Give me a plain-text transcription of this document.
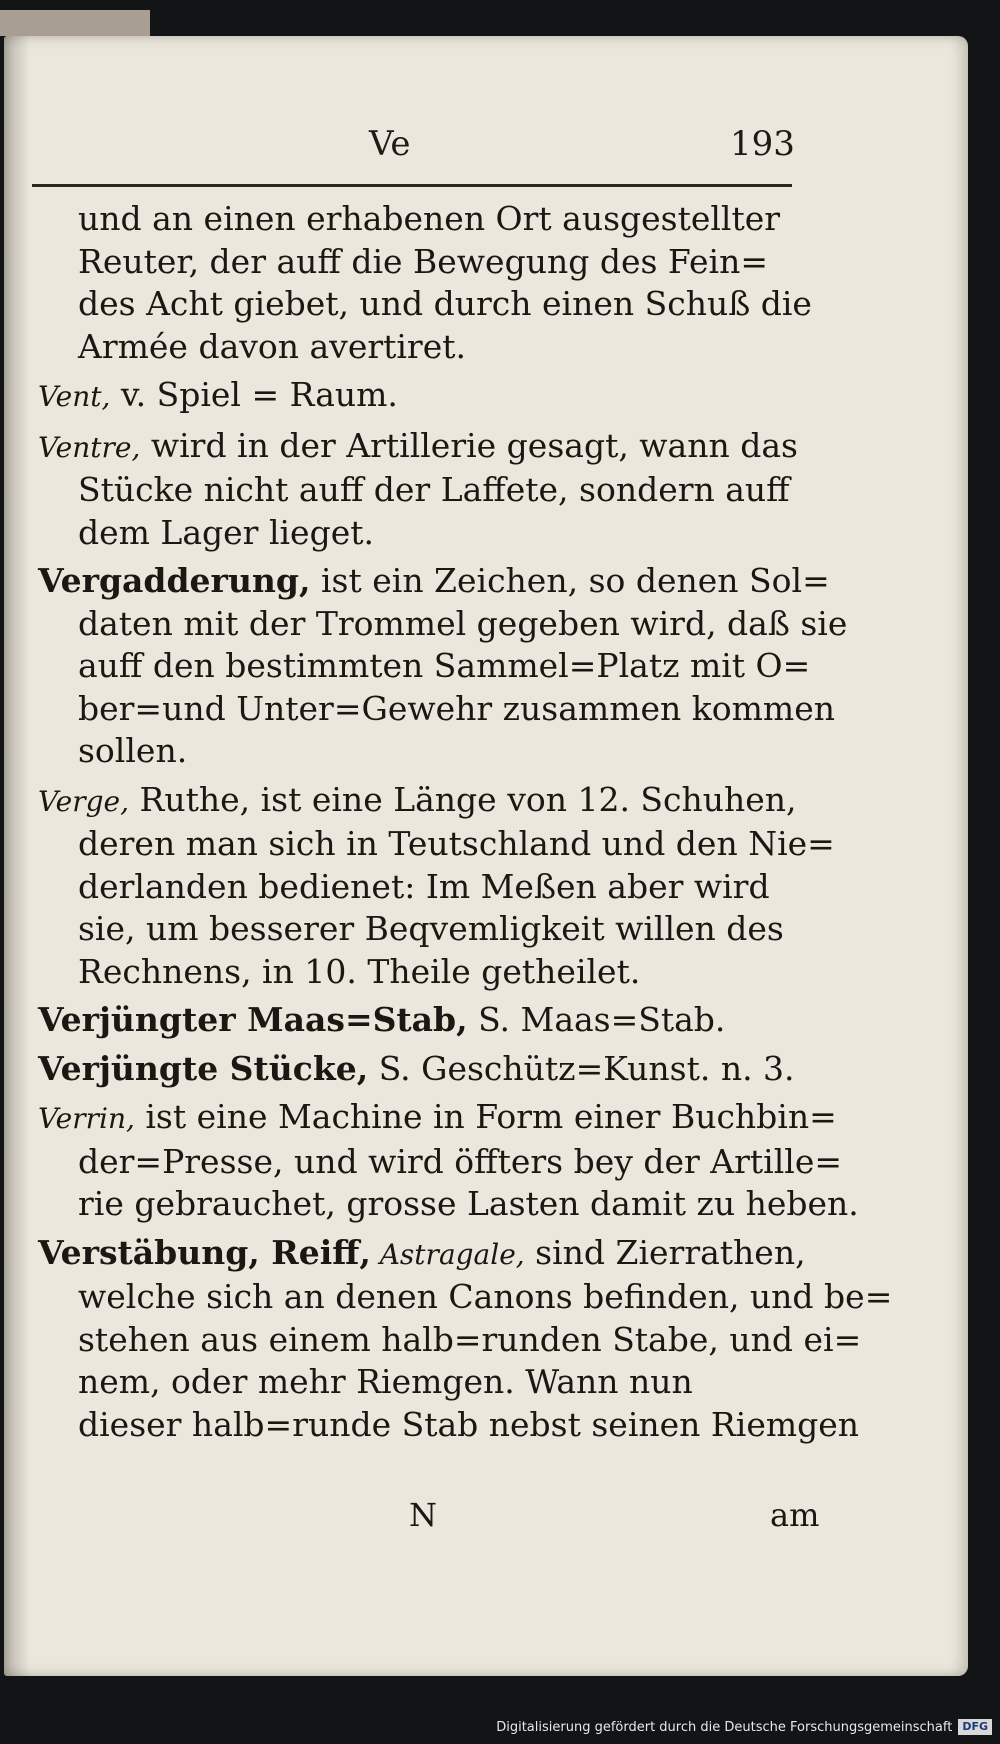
Ve	193
und an einen erhabenen Ort ausgestellter
Reuter, der auff die Bewegung des Fein=
des Acht giebet, und durch einen Schuß die
Armée davon avertiret.
Vent, v. Spiel = Raum.
Ventre, wird in der Artillerie gesagt, wann das
Stücke nicht auff der Laffete, sondern auff
dem Lager lieget.
Vergadderung, ist ein Zeichen, so denen Sol=
daten mit der Trommel gegeben wird, daß sie
auff den bestimmten Sammel=Platz mit O=
ber=und Unter=Gewehr zusammen kommen
sollen.
Verge, Ruthe, ist eine Länge von 12. Schuhen,
deren man sich in Teutschland und den Nie=
derlanden bedienet: Im Meßen aber wird
sie, um besserer Beqvemligkeit willen des
Rechnens, in 10. Theile getheilet.
Verjüngter Maas=Stab, S. Maas=Stab.
Verjüngte Stücke, S. Geschütz=Kunst. n. 3.
Verrin, ist eine Machine in Form einer Buchbin=
der=Presse, und wird öffters bey der Artille=
rie gebrauchet, grosse Lasten damit zu heben.
Verstäbung, Reiff, Astragale, sind Zierrathen,
welche sich an denen Canons befinden, und be=
stehen aus einem halb=runden Stabe, und ei=
nem, oder mehr Riemgen. Wann nun
dieser halb=runde Stab nebst seinen Riemgen
N	am
Digitalisierung gefördert durch die Deutsche Forschungsgemeinschaft DFG
